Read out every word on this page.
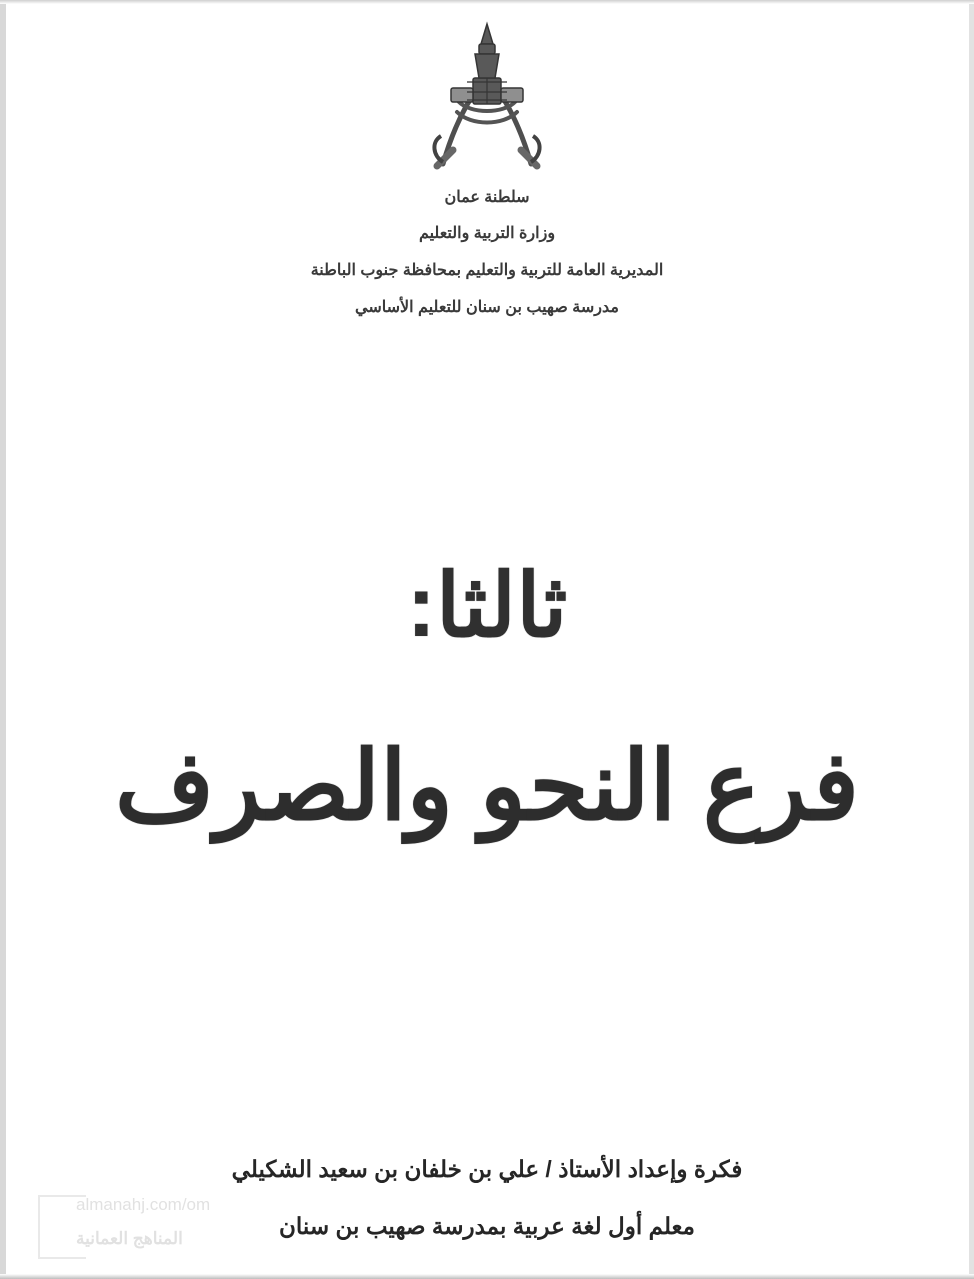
سلطنة عمان
وزارة التربية والتعليم
المديرية العامة للتربية والتعليم بمحافظة جنوب الباطنة
مدرسة صهيب بن سنان للتعليم الأساسي
ثالثا:
فرع النحو والصرف
فكرة وإعداد الأستاذ / علي بن خلفان بن سعيد الشكيلي
معلم أول لغة عربية بمدرسة صهيب بن سنان
almanahj.com/om
المناهج العمانية
